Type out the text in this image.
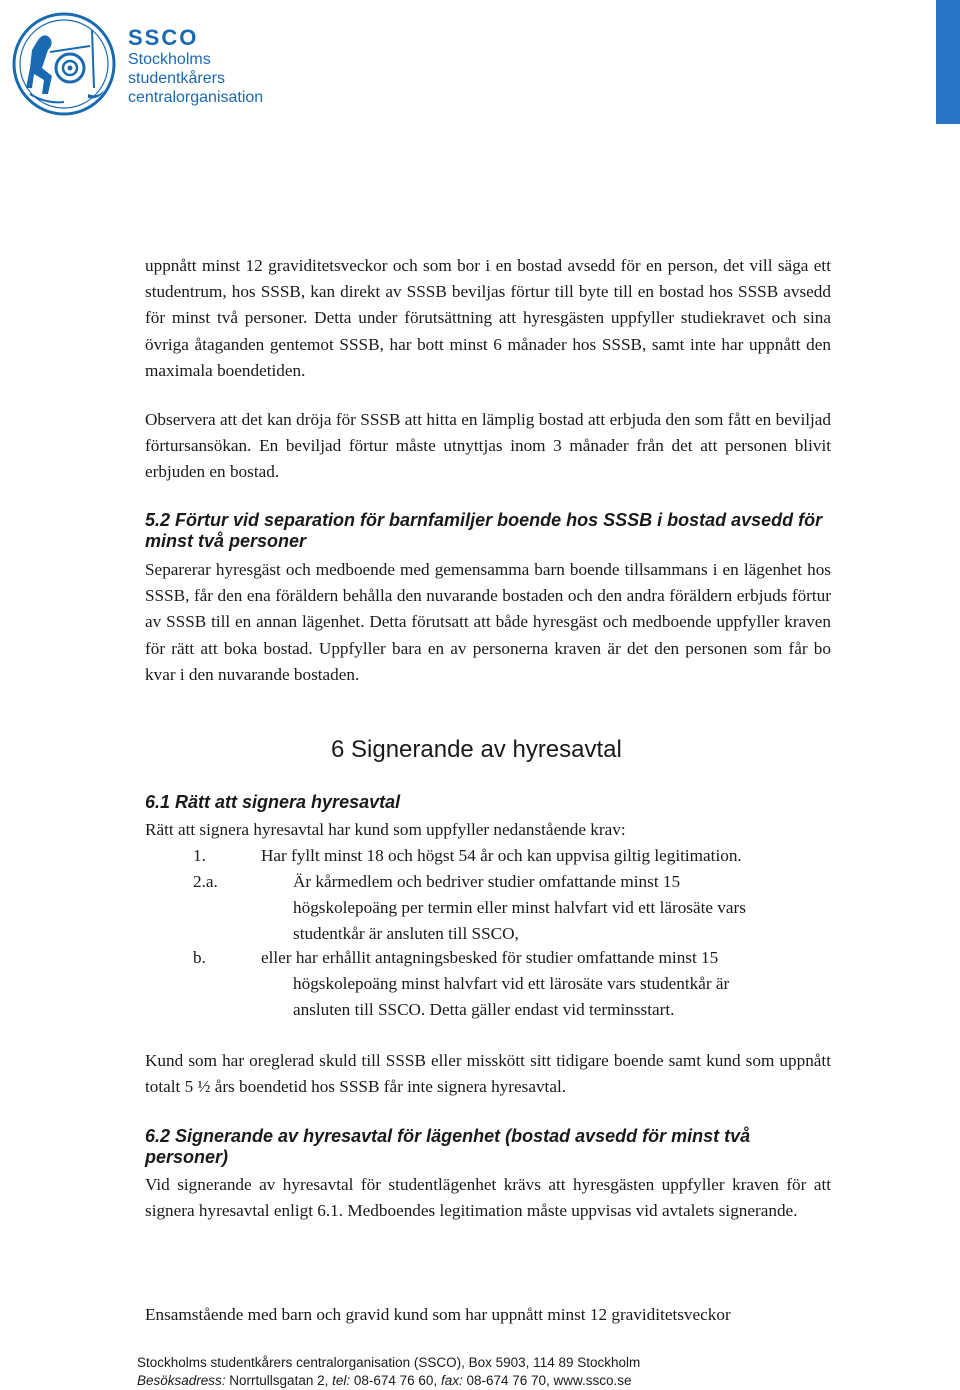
SSCO
Stockholms
studentkårers
centralorganisation

uppnått minst 12 graviditetsveckor och som bor i en bostad avsedd för en person, det vill säga ett studentrum, hos SSSB, kan direkt av SSSB beviljas förtur till byte till en bostad hos SSSB avsedd för minst två personer. Detta under förutsättning att hyresgästen uppfyller studiekravet och sina övriga åtaganden gentemot SSSB, har bott minst 6 månader hos SSSB, samt inte har uppnått den maximala boendetiden.

Observera att det kan dröja för SSSB att hitta en lämplig bostad att erbjuda den som fått en beviljad förtursansökan. En beviljad förtur måste utnyttjas inom 3 månader från det att personen blivit erbjuden en bostad.

5.2 Förtur vid separation för barnfamiljer boende hos SSSB i bostad avsedd för minst två personer

Separerar hyresgäst och medboende med gemensamma barn boende tillsammans i en lägenhet hos SSSB, får den ena föräldern behålla den nuvarande bostaden och den andra föräldern erbjuds förtur av SSSB till en annan lägenhet. Detta förutsatt att både hyresgäst och medboende uppfyller kraven för rätt att boka bostad. Uppfyller bara en av personerna kraven är det den personen som får bo kvar i den nuvarande bostaden.

6 Signerande av hyresavtal
6.1 Rätt att signera hyresavtal

Rätt att signera hyresavtal har kund som uppfyller nedanstående krav:

1.	Har fyllt minst 18 och högst 54 år och kan uppvisa giltig legitimation.

2.a.	Är kårmedlem och bedriver studier omfattande minst 15

högskolepoäng per termin eller minst halvfart vid ett lärosäte vars

studentkår är ansluten till SSCO,

b.	eller har erhållit antagningsbesked för studier omfattande minst 15

högskolepoäng minst halvfart vid ett lärosäte vars studentkår är

ansluten till SSCO. Detta gäller endast vid terminsstart.

Kund som har oreglerad skuld till SSSB eller misskött sitt tidigare boende samt kund som uppnått totalt 5 ½ års boendetid hos SSSB får inte signera hyresavtal.

6.2 Signerande av hyresavtal för lägenhet (bostad avsedd för minst två personer)

Vid signerande av hyresavtal för studentlägenhet krävs att hyresgästen uppfyller kraven för att signera hyresavtal enligt 6.1. Medboendes legitimation måste uppvisas vid avtalets signerande.

Ensamstående med barn och gravid kund som har uppnått minst 12 graviditetsveckor

Stockholms studentkårers centralorganisation (SSCO), Box 5903, 114 89 Stockholm
Besöksadress: Norrtullsgatan 2, tel: 08-674 76 60, fax: 08-674 76 70, www.ssco.se
